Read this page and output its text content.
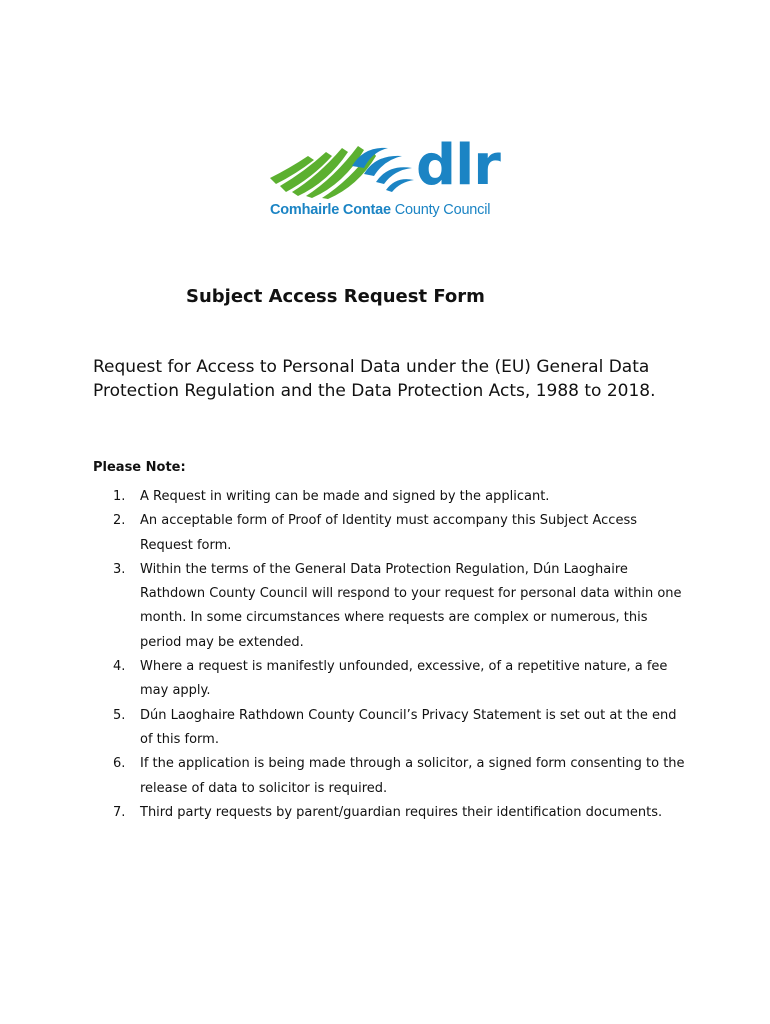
dlr
Comhairle Contae County Council
Subject Access Request Form

Request for Access to Personal Data under the (EU) General Data Protection Regulation and the Data Protection Acts, 1988 to 2018.

Please Note:

1. A Request in writing can be made and signed by the applicant.
2. An acceptable form of Proof of Identity must accompany this Subject Access Request form.
3. Within the terms of the General Data Protection Regulation, Dún Laoghaire Rathdown County Council will respond to your request for personal data within one month. In some circumstances where requests are complex or numerous, this period may be extended.
4. Where a request is manifestly unfounded, excessive, of a repetitive nature, a fee may apply.
5. Dún Laoghaire Rathdown County Council’s Privacy Statement is set out at the end of this form.
6. If the application is being made through a solicitor, a signed form consenting to the release of data to solicitor is required.
7. Third party requests by parent/guardian requires their identification documents.
